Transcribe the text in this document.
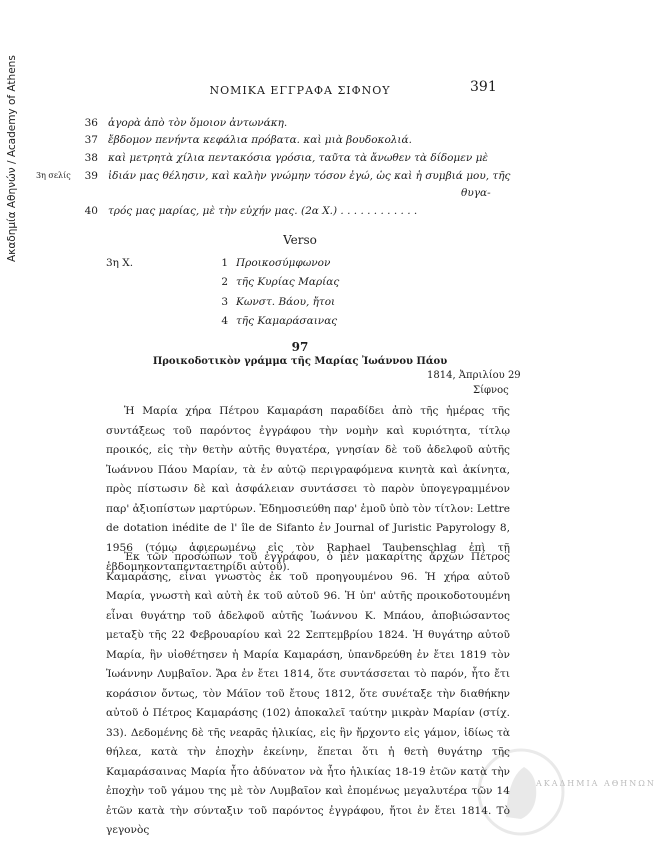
Ακαδημία Αθηνών / Academy of Athens	ΝΟΜΙΚΑ ΕΓΓΡΑΦΑ ΣΙΦΝΟΥ	391
36 ἀγορὰ ἀπὸ τὸν ὅμοιον ἀντωνάκη.
37 ἔβδομον πενήντα κεφάλια πρόβατα. καὶ μιὰ βουδοκολιά.
38 καὶ μετρητὰ χίλια πεντακόσια γρόσια, ταῦτα τὰ ἄνωθεν τὰ δίδομεν μὲ
3η σελίς	39 ἰδιάν μας θέλησιν, καὶ καλὴν γνώμην τόσον ἐγώ, ὡς καὶ ἡ συμβιά μου, τῆς
θυγα-
40 τρός μας μαρίας, μὲ τὴν εὐχήν μας. (2α Χ.) . . . . . . . . . . . .
Verso
3η Χ.	1 Προικοσύμφωνον
2 τῆς Κυρίας Μαρίας
3 Κωνστ. Βάου, ἤτοι
4 τῆς Καμαράσαινας
97
Προικοδοτικὸν γράμμα τῆς Μαρίας Ἰωάννου Πάου
1814, Ἀπριλίου 29
Σίφνος

Ἡ Μαρία χήρα Πέτρου Καμαράση παραδίδει ἀπὸ τῆς ἡμέρας τῆς συντάξεως τοῦ παρόντος ἐγγράφου τὴν νομὴν καὶ κυριότητα, τίτλῳ προικός, εἰς τὴν θετὴν αὐτῆς θυγατέρα, γνησίαν δὲ τοῦ ἀδελφοῦ αὐτῆς Ἰωάννου Πάου Μαρίαν, τὰ ἐν αὐτῷ περιγραφόμενα κινητὰ καὶ ἀκίνητα, πρὸς πίστωσιν δὲ καὶ ἀσφάλειαν συντάσσει τὸ παρὸν ὑπογεγραμμένον παρ' ἀξιοπίστων μαρτύρων. Ἐδημοσιεύθη παρ' ἐμοῦ ὑπὸ τὸν τίτλον: Lettre de dotation inédite de l' île de Sifanto ἐν Journal of Juristic Papyrology 8, 1956 (τόμῳ ἀφιερωμένῳ εἰς τὸν Raphael Taubenschlag ἐπὶ τῇ ἑβδομηκονταπενταετηρίδι αὐτοῦ).

Ἐκ τῶν προσώπων τοῦ ἐγγράφου, ὁ μὲν μακαρίτης ἄρχων Πέτρος Καμαράσης, εἶναι γνωστὸς ἐκ τοῦ προηγουμένου 96. Ἡ χήρα αὐτοῦ Μαρία, γνωστὴ καὶ αὐτὴ ἐκ τοῦ αὐτοῦ 96. Ἡ ὑπ' αὐτῆς προικοδοτουμένη εἶναι θυγάτηρ τοῦ ἀδελφοῦ αὐτῆς Ἰωάννου Κ. Μπάου, ἀποβιώσαντος μεταξὺ τῆς 22 Φεβρουαρίου καὶ 22 Σεπτεμβρίου 1824. Ἡ θυγάτηρ αὐτοῦ Μαρία, ἣν υἱοθέτησεν ἡ Μαρία Καμαράση, ὑπανδρεύθη ἐν ἔτει 1819 τὸν Ἰωάννην Λυμβαῖον. Ἄρα ἐν ἔτει 1814, ὅτε συντάσσεται τὸ παρόν, ἦτο ἔτι κοράσιον ὄντως, τὸν Μάϊον τοῦ ἔτους 1812, ὅτε συνέταξε τὴν διαθήκην αὐτοῦ ὁ Πέτρος Καμαράσης (102) ἀποκαλεῖ ταύτην μικρὰν Μαρίαν (στίχ. 33). Δεδομένης δὲ τῆς νεαρᾶς ἡλικίας, εἰς ἣν ἤρχοντο εἰς γάμον, ἰδίως τὰ θήλεα, κατὰ τὴν ἐποχὴν ἐκείνην, ἕπεται ὅτι ἡ θετὴ θυγάτηρ τῆς Καμαράσαινας Μαρία ἦτο ἀδύνατον νὰ ἦτο ἡλικίας 18-19 ἐτῶν κατὰ τὴν ἐποχὴν τοῦ γάμου της μὲ τὸν Λυμβαῖον καὶ ἐπομένως μεγαλυτέρα τῶν 14 ἐτῶν κατὰ τὴν σύνταξιν τοῦ παρόντος ἐγγράφου, ἤτοι ἐν ἔτει 1814. Τὸ γεγονὸς

ΑΚΑΔΗΜΙΑ ΑΘΗΝΩΝ
